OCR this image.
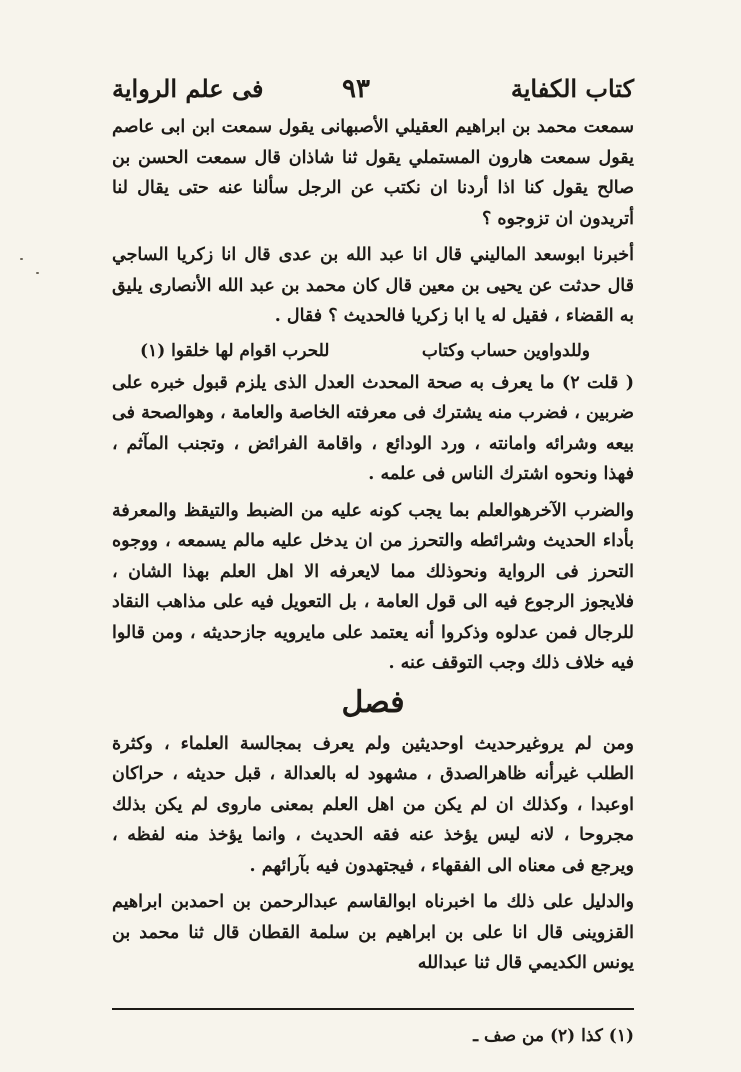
كتاب الكفاية
٩٣
فى علم الرواية

سمعت محمد بن ابراهيم العقيلي الأصبهانى يقول سمعت ابن ابى عاصم يقول سمعت هارون المستملي يقول ثنا شاذان قال سمعت الحسن بن صالح يقول كنا اذا أردنا ان نكتب عن الرجل سألنا عنه حتى يقال لنا أتريدون ان تزوجوه ؟

أخبرنا ابوسعد الماليني قال انا عبد الله بن عدى قال انا زكريا الساجي قال حدثت عن يحيى بن معين قال كان محمد بن عبد الله الأنصارى يليق به القضاء ، فقيل له يا ابا زكريا فالحديث ؟ فقال .

وللدواوين حساب وكتاب
للحرب اقوام لها خلقوا (١)

( قلت ٢) ما يعرف به صحة المحدث العدل الذى يلزم قبول خبره على ضربين ، فضرب منه يشترك فى معرفته الخاصة والعامة ، وهوالصحة فى بيعه وشرائه وامانته ، ورد الودائع ، واقامة الفرائض ، وتجنب المآثم ، فهذا ونحوه اشترك الناس فى علمه .

والضرب الآخرهوالعلم بما يجب كونه عليه من الضبط والتيقظ والمعرفة بأداء الحديث وشرائطه والتحرز من ان يدخل عليه مالم يسمعه ، ووجوه التحرز فى الرواية ونحوذلك مما لايعرفه الا اهل العلم بهذا الشان ، فلايجوز الرجوع فيه الى قول العامة ، بل التعويل فيه على مذاهب النقاد للرجال فمن عدلوه وذكروا أنه يعتمد على مايرويه جازحديثه ، ومن قالوا فيه خلاف ذلك وجب التوقف عنه .

فصل

ومن لم يروغيرحديث اوحديثين ولم يعرف بمجالسة العلماء ، وكثرة الطلب غيرأنه ظاهرالصدق ، مشهود له بالعدالة ، قبل حديثه ، حراكان اوعبدا ، وكذلك ان لم يكن من اهل العلم بمعنى ماروى لم يكن بذلك مجروحا ، لانه ليس يؤخذ عنه فقه الحديث ، وانما يؤخذ منه لفظه ، ويرجع فى معناه الى الفقهاء ، فيجتهدون فيه بآرائهم .

والدليل على ذلك ما اخبرناه ابوالقاسم عبدالرحمن بن احمدبن ابراهيم القزوينى قال انا على بن ابراهيم بن سلمة القطان قال ثنا محمد بن يونس الكديمي قال ثنا عبدالله

(١) كذا (٢) من صف ـ
